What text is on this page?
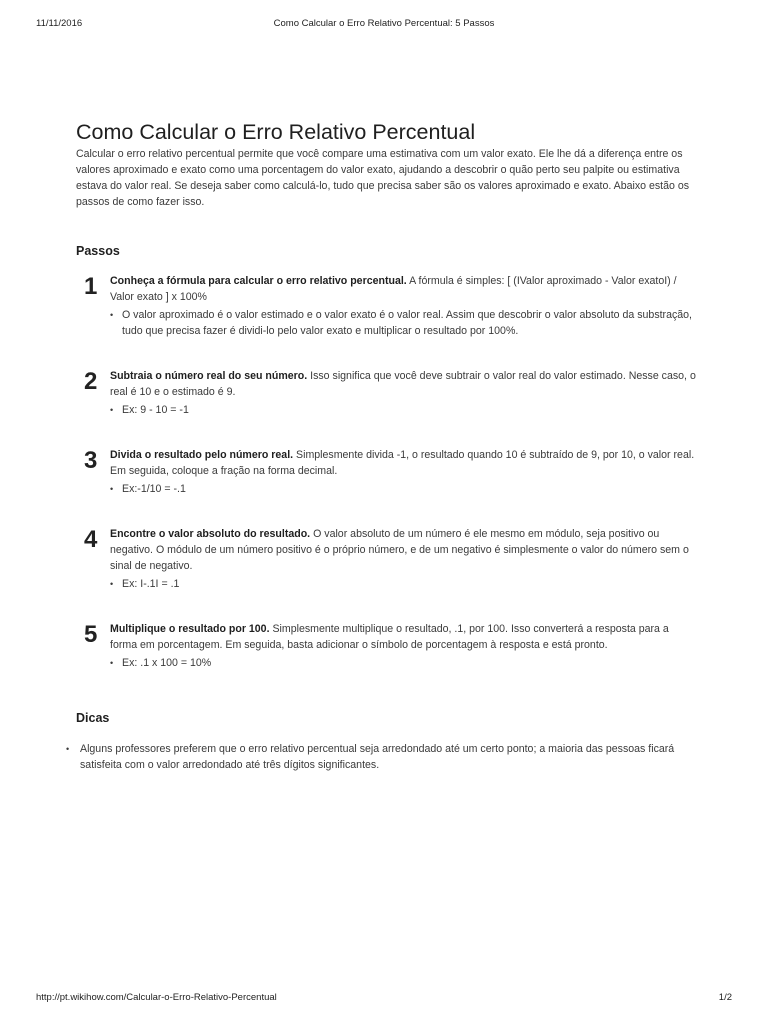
11/11/2016	Como Calcular o Erro Relativo Percentual: 5 Passos
Como Calcular o Erro Relativo Percentual

Calcular o erro relativo percentual permite que você compare uma estimativa com um valor exato. Ele lhe dá a diferença entre os valores aproximado e exato como uma porcentagem do valor exato, ajudando a descobrir o quão perto seu palpite ou estimativa estava do valor real. Se deseja saber como calculá-lo, tudo que precisa saber são os valores aproximado e exato. Abaixo estão os passos de como fazer isso.

Passos
1 Conheça a fórmula para calcular o erro relativo percentual. A fórmula é simples: [ (IValor aproximado - Valor exatoI) / Valor exato ] x 100%

• O valor aproximado é o valor estimado e o valor exato é o valor real. Assim que descobrir o valor absoluto da substração, tudo que precisa fazer é dividi-lo pelo valor exato e multiplicar o resultado por 100%.
2 Subtraia o número real do seu número. Isso significa que você deve subtrair o valor real do valor estimado. Nesse caso, o real é 10 e o estimado é 9.

• Ex: 9 - 10 = -1
3 Divida o resultado pelo número real. Simplesmente divida -1, o resultado quando 10 é subtraído de 9, por 10, o valor real. Em seguida, coloque a fração na forma decimal.

• Ex:-1/10 = -.1
4 Encontre o valor absoluto do resultado. O valor absoluto de um número é ele mesmo em módulo, seja positivo ou negativo. O módulo de um número positivo é o próprio número, e de um negativo é simplesmente o valor do número sem o sinal de negativo.

• Ex: I-.1I = .1
5 Multiplique o resultado por 100. Simplesmente multiplique o resultado, .1, por 100. Isso converterá a resposta para a forma em porcentagem. Em seguida, basta adicionar o símbolo de porcentagem à resposta e está pronto.

• Ex: .1 x 100 = 10%
Dicas
• Alguns professores preferem que o erro relativo percentual seja arredondado até um certo ponto; a maioria das pessoas ficará satisfeita com o valor arredondado até três dígitos significantes.
http://pt.wikihow.com/Calcular-o-Erro-Relativo-Percentual	1/2
